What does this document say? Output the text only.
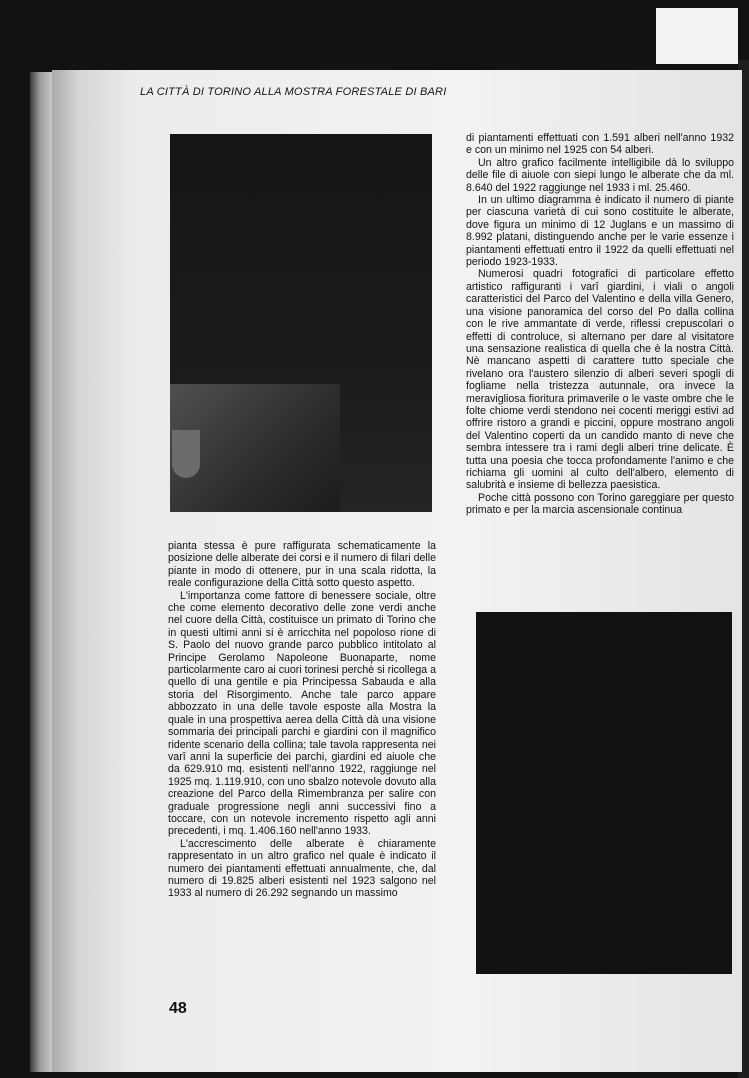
LA CITTÀ DI TORINO ALLA MOSTRA FORESTALE DI BARI

pianta stessa è pure raffigurata schematicamente la posizione delle alberate dei corsi e il numero di filari delle piante in modo di ottenere, pur in una scala ridotta, la reale configurazione della Città sotto questo aspetto.

L'importanza come fattore di benessere sociale, oltre che come elemento decorativo delle zone verdi anche nel cuore della Città, costituisce un primato di Torino che in questi ultimi anni si è arricchita nel popoloso rione di S. Paolo del nuovo grande parco pubblico intitolato al Principe Gerolamo Napoleone Buonaparte, nome particolarmente caro ai cuori torinesi perchè si ricollega a quello di una gentile e pia Principessa Sabauda e alla storia del Risorgimento. Anche tale parco appare abbozzato in una delle tavole esposte alla Mostra la quale in una prospettiva aerea della Città dà una visione sommaria dei principali parchi e giardini con il magnifico ridente scenario della collina; tale tavola rappresenta nei varî anni la superficie dei parchi, giardini ed aiuole che da 629.910 mq. esistenti nell'anno 1922, raggiunge nel 1925 mq. 1.119.910, con uno sbalzo notevole dovuto alla creazione del Parco della Rimembranza per salire con graduale progressione negli anni successivi fino a toccare, con un notevole incremento rispetto agli anni precedenti, i mq. 1.406.160 nell'anno 1933.

L'accrescimento delle alberate è chiaramente rappresentato in un altro grafico nel quale è indicato il numero dei piantamenti effettuati annualmente, che, dal numero di 19.825 alberi esistenti nel 1923 salgono nel 1933 al numero di 26.292 segnando un massimo

di piantamenti effettuati con 1.591 alberi nell'anno 1932 e con un minimo nel 1925 con 54 alberi.

Un altro grafico facilmente intelligibile dà lo sviluppo delle file di aiuole con siepi lungo le alberate che da ml. 8.640 del 1922 raggiunge nel 1933 i ml. 25.460.

In un ultimo diagramma è indicato il numero di piante per ciascuna varietà di cui sono costituite le alberate, dove figura un minimo di 12 Juglans e un massimo di 8.992 platani, distinguendo anche per le varie essenze i piantamenti effettuati entro il 1922 da quelli effettuati nel periodo 1923-1933.

Numerosi quadri fotografici di particolare effetto artistico raffiguranti i varî giardini, i viali o angoli caratteristici del Parco del Valentino e della villa Genero, una visione panoramica del corso del Po dalla collina con le rive ammantate di verde, riflessi crepuscolari o effetti di controluce, si alternano per dare al visitatore una sensazione realistica di quella che è la nostra Città. Nè mancano aspetti di carattere tutto speciale che rivelano ora l'austero silenzio di alberi severi spogli di fogliame nella tristezza autunnale, ora invece la meravigliosa fioritura primaverile o le vaste ombre che le folte chiome verdi stendono nei cocenti meriggi estivi ad offrire ristoro a grandi e piccini, oppure mostrano angoli del Valentino coperti da un candido manto di neve che sembra intessere tra i rami degli alberi trine delicate. È tutta una poesia che tocca profondamente l'animo e che richiama gli uomini al culto dell'albero, elemento di salubrità e insieme di bellezza paesistica.

Poche città possono con Torino gareggiare per questo primato e per la marcia ascensionale continua

48
